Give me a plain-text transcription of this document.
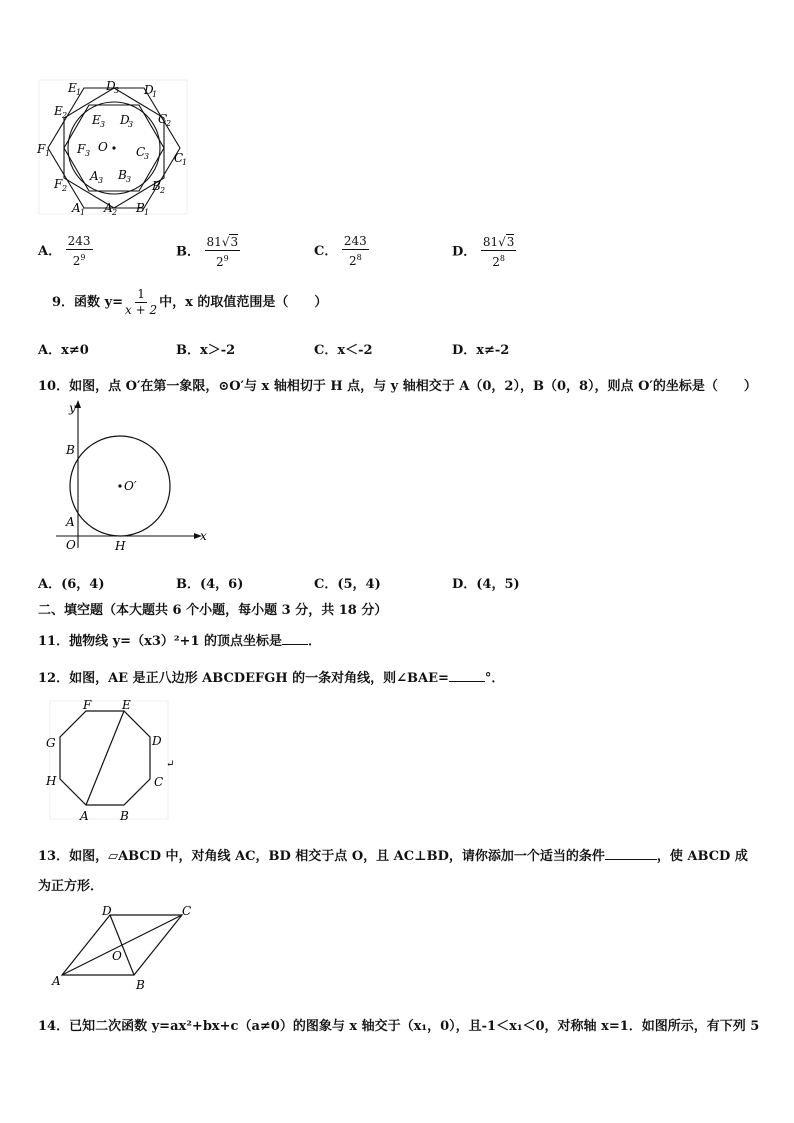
E 1 D
3 D
1
E 2	C
2
E 3 D
3
F 1 F 3 O C
3 C
1
F 2
A 3 B 3 B 2
A 1 A 2 B 1
A． $\frac{243}{2^9}$	B． $\frac{81√3}{2^9}$	C． $\frac{243}{2^8}$	D． $\frac{81√3}{2^8}$
9．函数 $y= \frac{1}{x + 2}$ 中，x 的取值范围是（　　）
A．x≠0	B．x＞-2	C．x＜-2	D．x≠-2
10．如图，点 O′在第一象限，⊙O′与 x 轴相切于 H 点，与 y 轴相交于 A（0，2），B（0，8），则点 O′的坐标是（　　）
y
B
O′
A
O	H
x
A．(6，4)	B．(4，6)	C．(5，4)	D．(4，5)
二、填空题（本大题共 6 个小题，每小题 3 分，共 18 分）
11．抛物线 y=（x3）²+1 的顶点坐标是 ．
12．如图，AE 是正八边形 ABCDEFGH 的一条对角线，则∠BAE=	°．
F	E
G	D
↵
H	C
A	B
13．如图，▱ABCD 中，对角线 AC，BD 相交于点 O，且 AC⊥BD，请你添加一个适当的条件	，使 ABCD 成
为正方形．
D	C
O
A	B
14．已知二次函数 y=ax²+bx+c（a≠0）的图象与 x 轴交于（x₁，0），且-1＜x₁＜0，对称轴 x=1．如图所示，有下列 5
